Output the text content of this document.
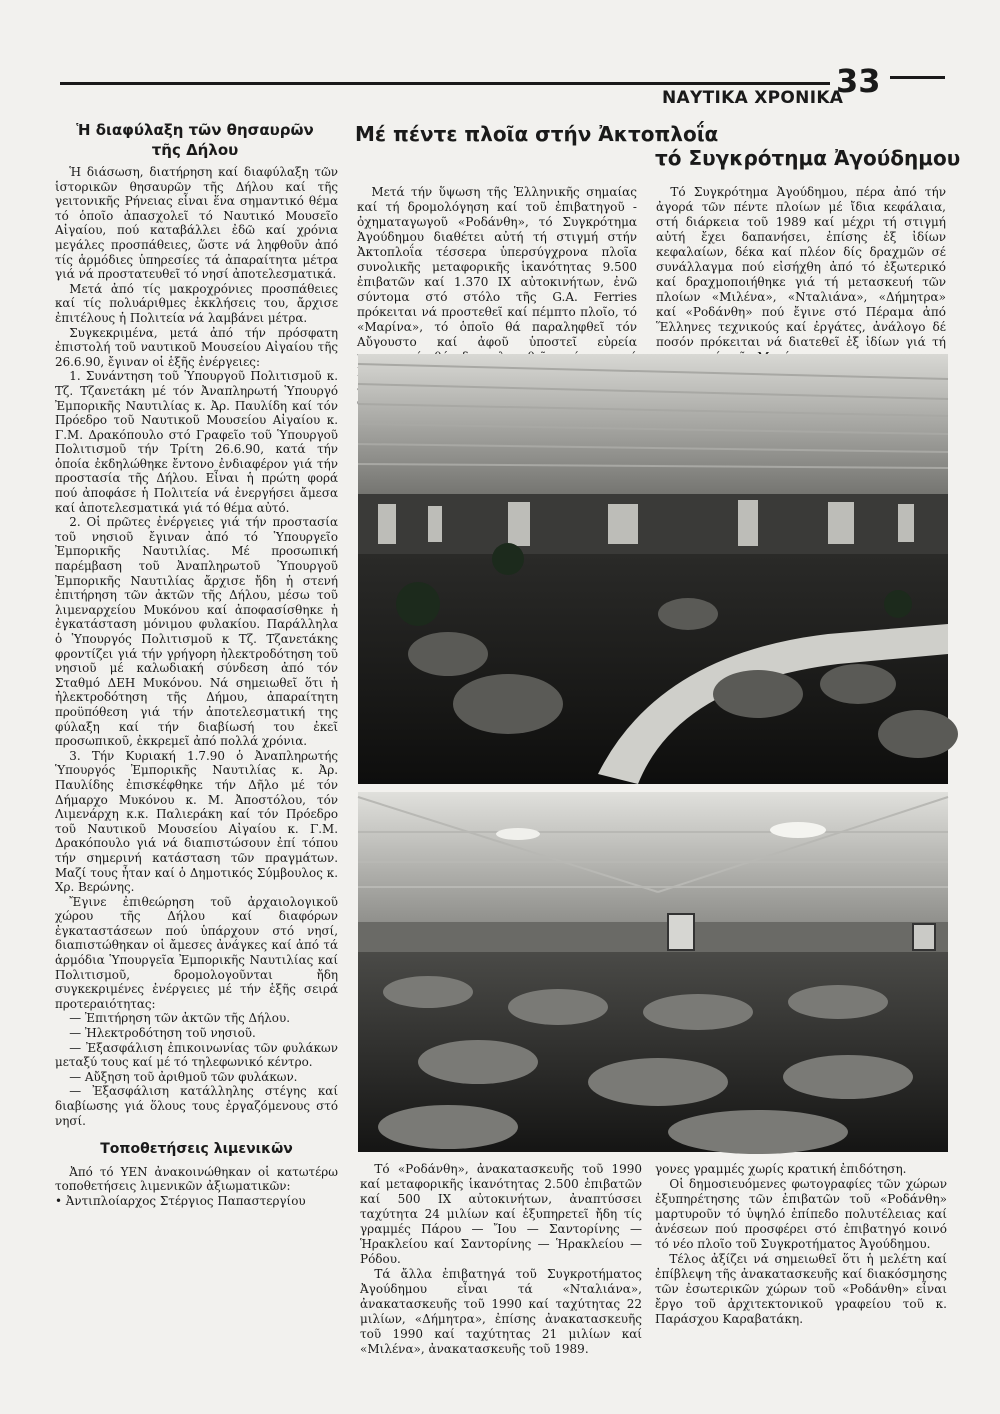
ΝΑΥΤΙΚΑ ΧΡΟΝΙΚΑ
33
Ἡ διαφύλαξη τῶν θησαυρῶν
τῆς Δήλου

Ἡ διάσωση, διατήρηση καί διαφύλαξη τῶν ἱστορικῶν θησαυρῶν τῆς Δήλου καί τῆς γειτονικῆς Ρήνειας εἶναι ἕνα σημαντικό θέμα τό ὁποῖο ἀπασχολεῖ τό Ναυτικό Μουσεῖο Αἰγαίου, πού καταβάλλει ἐδῶ καί χρόνια μεγάλες προσπάθειες, ὥστε νά ληφθοῦν ἀπό τίς ἁρμόδιες ὑπηρεσίες τά ἀπαραίτητα μέτρα γιά νά προστατευθεῖ τό νησί ἀποτελεσματικά.

Μετά ἀπό τίς μακροχρόνιες προσπάθειες καί τίς πολυάριθμες ἐκκλήσεις του, ἄρχισε ἐπιτέλους ἡ Πολιτεία νά λαμβάνει μέτρα.

Συγκεκριμένα, μετά ἀπό τήν πρόσφατη ἐπιστολή τοῦ ναυτικοῦ Μουσείου Αἰγαίου τῆς 26.6.90, ἔγιναν οἱ ἑξῆς ἐνέργειες:

1. Συνάντηση τοῦ Ὑπουργοῦ Πολιτισμοῦ κ. Τζ. Τζανετάκη μέ τόν Ἀναπληρωτή Ὑπουργό Ἐμπορικῆς Ναυτιλίας κ. Ἀρ. Παυλίδη καί τόν Πρόεδρο τοῦ Ναυτικοῦ Μουσείου Αἰγαίου κ. Γ.Μ. Δρακόπουλο στό Γραφεῖο τοῦ Ὑπουργοῦ Πολιτισμοῦ τήν Τρίτη 26.6.90, κατά τήν ὁποία ἐκδηλώθηκε ἔντονο ἐνδιαφέρον γιά τήν προστασία τῆς Δήλου. Εἶναι ἡ πρώτη φορά πού ἀποφάσε ἡ Πολιτεία νά ἐνεργήσει ἄμεσα καί ἀποτελεσματικά γιά τό θέμα αὐτό.

2. Οἱ πρῶτες ἐνέργειες γιά τήν προστασία τοῦ νησιοῦ ἔγιναν ἀπό τό Ὑπουργεῖο Ἐμπορικῆς Ναυτιλίας. Μέ προσωπική παρέμβαση τοῦ Ἀναπληρωτοῦ Ὑπουργοῦ Ἐμπορικῆς Ναυτιλίας ἄρχισε ἤδη ἡ στενή ἐπιτήρηση τῶν ἀκτῶν τῆς Δήλου, μέσω τοῦ λιμεναρχείου Μυκόνου καί ἀποφασίσθηκε ἡ ἐγκατάσταση μόνιμου φυλακίου. Παράλληλα ὁ Ὑπουργός Πολιτισμοῦ κ Τζ. Τζανετάκης φροντίζει γιά τήν γρήγορη ἠλεκτροδότηση τοῦ νησιοῦ μέ καλωδιακή σύνδεση ἀπό τόν Σταθμό ΔΕΗ Μυκόνου. Νά σημειωθεῖ ὅτι ἡ ἠλεκτροδότηση τῆς Δήμου, ἀπαραίτητη προϋπόθεση γιά τήν ἀποτελεσματική της φύλαξη καί τήν διαβίωσή του ἐκεῖ προσωπικοῦ, ἐκκρεμεῖ ἀπό πολλά χρόνια.

3. Τήν Κυριακή 1.7.90 ὁ Ἀναπληρωτής Ὑπουργός Ἐμπορικῆς Ναυτιλίας κ. Ἀρ. Παυλίδης ἐπισκέφθηκε τήν Δῆλο μέ τόν Δήμαρχο Μυκόνου κ. Μ. Ἀποστόλου, τόν Λιμενάρχη κ.κ. Παλιεράκη καί τόν Πρόεδρο τοῦ Ναυτικοῦ Μουσείου Αἰγαίου κ. Γ.Μ. Δρακόπουλο γιά νά διαπιστώσουν ἐπί τόπου τήν σημερινή κατάσταση τῶν πραγμάτων. Μαζί τους ἦταν καί ὁ Δημοτικός Σύμβουλος κ. Χρ. Βερώνης.

Ἔγινε ἐπιθεώρηση τοῦ ἀρχαιολογικοῦ χώρου τῆς Δήλου καί διαφόρων ἐγκαταστάσεων πού ὑπάρχουν στό νησί, διαπιστώθηκαν οἱ ἄμεσες ἀνάγκες καί ἀπό τά ἁρμόδια Ὑπουργεῖα Ἐμπορικῆς Ναυτιλίας καί Πολιτισμοῦ, δρομολογοῦνται ἤδη συγκεκριμένες ἐνέργειες μέ τήν ἑξῆς σειρά προτεραιότητας:

— Ἐπιτήρηση τῶν ἀκτῶν τῆς Δήλου.

— Ἠλεκτροδότηση τοῦ νησιοῦ.

— Ἐξασφάλιση ἐπικοινωνίας τῶν φυλάκων μεταξύ τους καί μέ τό τηλεφωνικό κέντρο.

— Αὔξηση τοῦ ἀριθμοῦ τῶν φυλάκων.

— Ἐξασφάλιση κατάλληλης στέγης καί διαβίωσης γιά ὅλους τους ἐργαζόμενους στό νησί.

Τοποθετήσεις λιμενικῶν

Ἀπό τό ΥΕΝ ἀνακοινώθηκαν οἱ κατωτέρω τοποθετήσεις λιμενικῶν ἀξιωματικῶν:

• Ἀντιπλοίαρχος Στέργιος Παπαστεργίου

Μέ πέντε πλοῖα στήν Ἀκτοπλοΐα
τό Συγκρότημα Ἀγούδημου

Μετά τήν ὕψωση τῆς Ἑλληνικῆς σημαίας καί τή δρομολόγηση καί τοῦ ἐπιβατηγοῦ - ὀχηματαγωγοῦ «Ροδάνθη», τό Συγκρότημα Ἀγούδημου διαθέτει αὐτή τή στιγμή στήν Ἀκτοπλοΐα τέσσερα ὑπερσύγχρονα πλοῖα συνολικῆς μεταφορικῆς ἱκανότητας 9.500 ἐπιβατῶν καί 1.370 IX αὐτοκινήτων, ἐνῶ σύντομα στό στόλο τῆς G.A. Ferries πρόκειται νά προστεθεῖ καί πέμπτο πλοῖο, τό «Μαρίνα», τό ὁποῖο θά παραληφθεῖ τόν Αὔγουστο καί ἀφοῦ ὑποστεῖ εὐρεία

Τό Συγκρότημα Ἀγούδημου, πέρα ἀπό τήν ἀγορά τῶν πέντε πλοίων μέ ἴδια κεφάλαια, στή διάρκεια τοῦ 1989 καί μέχρι τή στιγμή αὐτή ἔχει δαπανήσει, ἐπίσης ἐξ ἰδίων κεφαλαίων, δέκα καί πλέον δίς δραχμῶν σέ συνάλλαγμα πού εἰσήχθη ἀπό τό ἐξωτερικό καί δραχμοποιήθηκε γιά τή μετασκευή τῶν πλοίων «Μιλένα», «Νταλιάνα», «Δήμητρα» καί «Ροδάνθη» πού ἔγινε στό Πέραμα ἀπό Ἕλληνες τεχνικούς καί ἐργάτες, ἀνάλογο δέ ποσόν πρόκειται νά διατεθεῖ ἐξ ἰδίων γιά τή

Τό «Ροδάνθη», ἀνακατασκευῆς τοῦ 1990 καί μεταφορικῆς ἱκανότητας 2.500 ἐπιβατῶν καί 500 IX αὐτοκινήτων, ἀναπτύσσει ταχύτητα 24 μιλίων καί ἐξυπηρετεῖ ἤδη τίς γραμμές Πάρου — Ἴου — Σαντορίνης — Ἡρακλείου καί Σαντορίνης — Ἡρακλείου — Ρόδου.

Τά ἄλλα ἐπιβατηγά τοῦ Συγκροτήματος Ἀγούδημου εἶναι τά «Νταλιάνα», ἀνακατασκευῆς τοῦ 1990 καί ταχύτητας 22 μιλίων, «Δήμητρα», ἐπίσης ἀνακατασκευῆς τοῦ 1990 καί ταχύτητας 21 μιλίων καί «Μιλένα», ἀνακατασκευῆς τοῦ 1989.

γονες γραμμές χωρίς κρατική ἐπιδότηση.

Οἱ δημοσιευόμενες φωτογραφίες τῶν χώρων ἐξυπηρέτησης τῶν ἐπιβατῶν τοῦ «Ροδάνθη» μαρτυροῦν τό ὑψηλό ἐπίπεδο πολυτέλειας καί ἀνέσεων πού προσφέρει στό ἐπιβατηγό κοινό τό νέο πλοῖο τοῦ Συγκροτήματος Ἀγούδημου.

Τέλος ἀξίζει νά σημειωθεῖ ὅτι ἡ μελέτη καί ἐπίβλεψη τῆς ἀνακατασκευῆς καί διακόσμησης τῶν ἐσωτερικῶν χώρων τοῦ «Ροδάνθη» εἶναι ἔργο τοῦ ἀρχιτεκτονικοῦ γραφείου τοῦ κ. Παράσχου Καραβατάκη.
